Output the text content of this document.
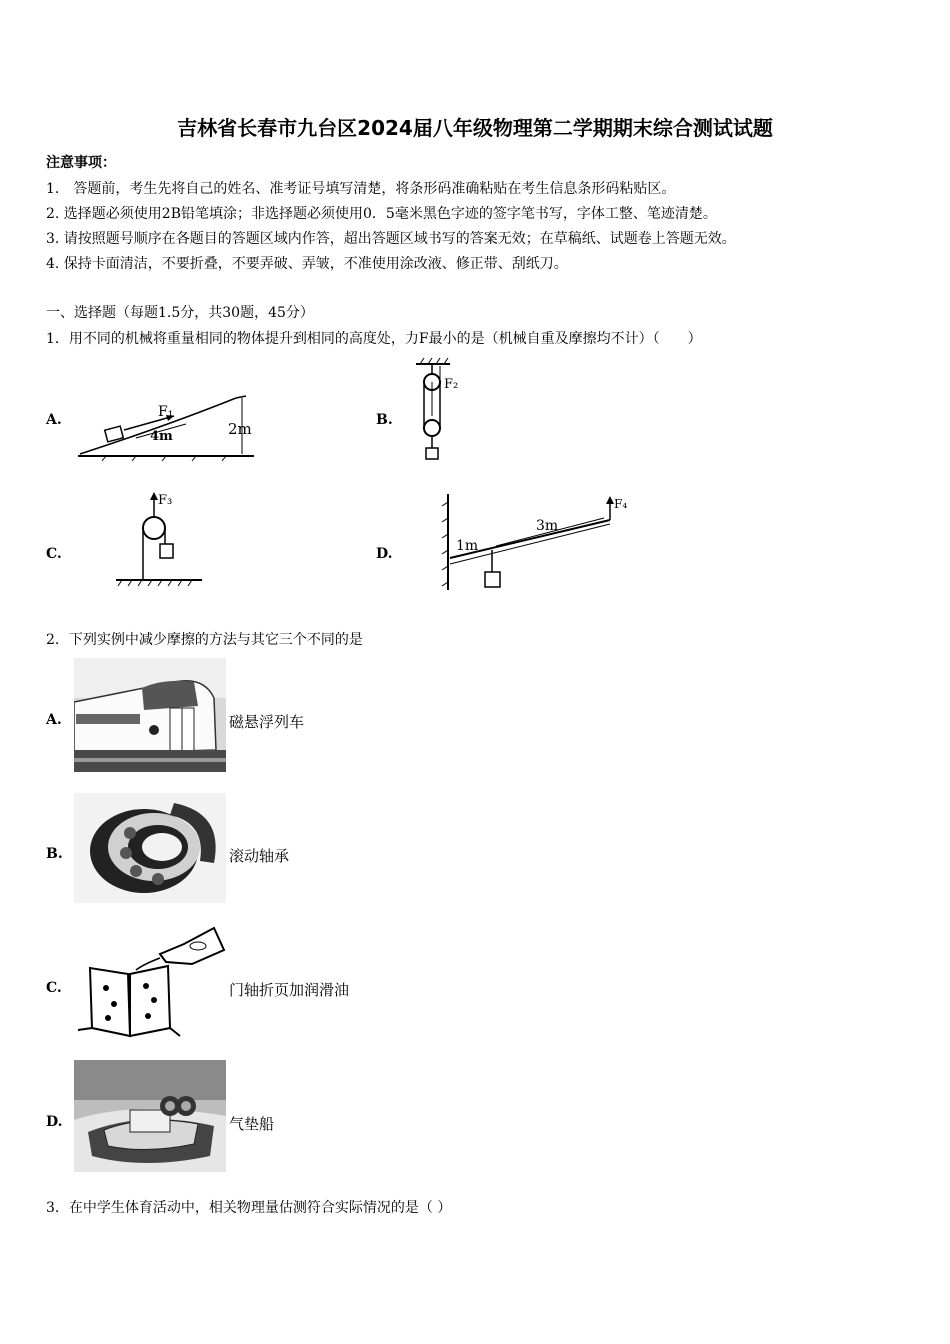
吉林省长春市九台区2024届八年级物理第二学期期末综合测试试题
注意事项：
1.　答题前，考生先将自己的姓名、准考证号填写清楚，将条形码准确粘贴在考生信息条形码粘贴区。
2. 选择题必须使用2B铅笔填涂；非选择题必须使用0．5毫米黑色字迹的签字笔书写，字体工整、笔迹清楚。
3. 请按照题号顺序在各题目的答题区域内作答，超出答题区域书写的答案无效；在草稿纸、试题卷上答题无效。
4. 保持卡面清洁，不要折叠，不要弄破、弄皱，不准使用涂改液、修正带、刮纸刀。
一、选择题（每题1.5分，共30题，45分）
1．用不同的机械将重量相同的物体提升到相同的高度处，力F最小的是（机械自重及摩擦均不计）（　　）
A.	B.
C.	D.
F₁
4m	2m
F₂
F₃	F₄
1m
3m
2．下列实例中减少摩擦的方法与其它三个不同的是
A.	磁悬浮列车
B.	滚动轴承
C.	门轴折页加润滑油
D.	气垫船
3．在中学生体育活动中，相关物理量估测符合实际情况的是（ ）
